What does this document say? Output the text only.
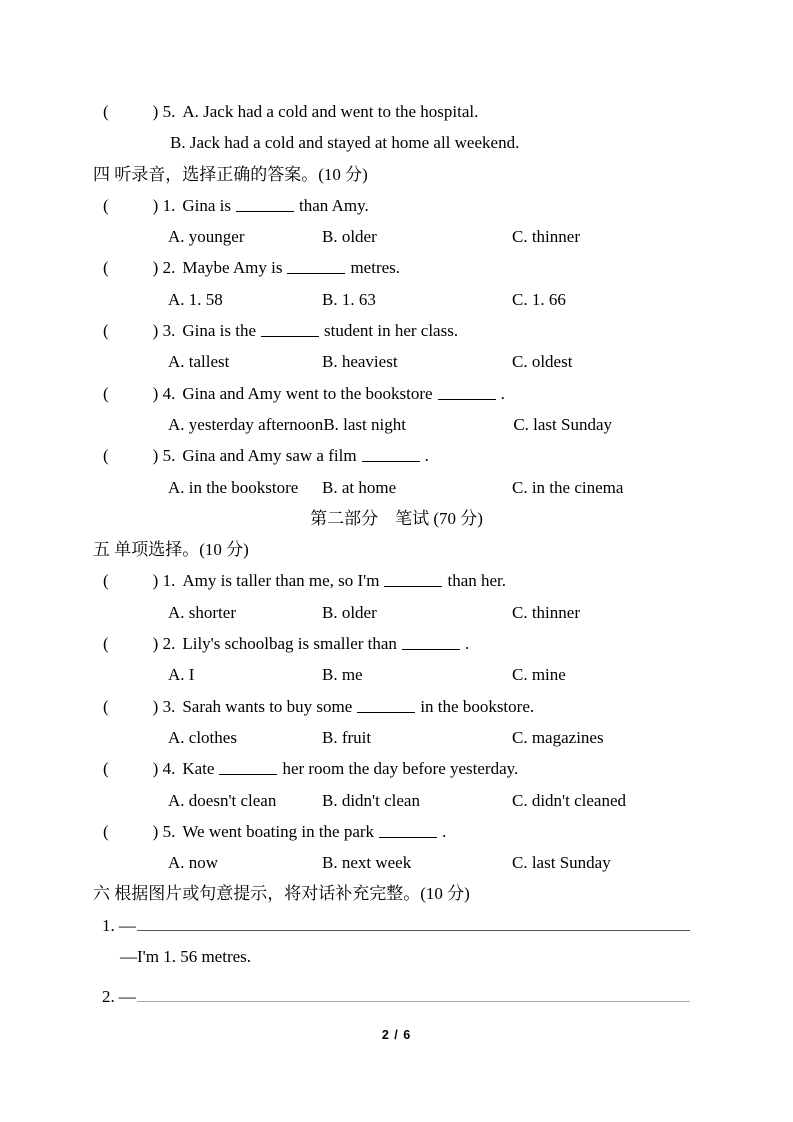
(	) 5. A. Jack had a cold and went to the hospital.
B. Jack had a cold and stayed at home all weekend.
四 听录音，选择正确的答案。(10 分)
(	) 1. Gina is	than Amy.
A. younger	B. older	C. thinner
(	) 2. Maybe Amy is	metres.
A. 1. 58	B. 1. 63	C. 1. 66
(	) 3. Gina is the	student in her class.
A. tallest	B. heaviest	C. oldest
(	) 4. Gina and Amy went to the bookstore	.
A. yesterday afternoonB. last night	C. last Sunday
(	) 5. Gina and Amy saw a film	.
A. in the bookstore B. at home	C. in the cinema
第二部分　笔试 (70 分)
五 单项选择。(10 分)
(	) 1. Amy is taller than me, so I'm	than her.
A. shorter	B. older	C. thinner
(	) 2. Lily's schoolbag is smaller than	.
A. I	B. me	C. mine
(	) 3. Sarah wants to buy some	in the bookstore.
A. clothes	B. fruit	C. magazines
(	) 4. Kate	her room the day before yesterday.
A. doesn't clean	B. didn't clean	C. didn't cleaned
(	) 5. We went boating in the park	.
A. now	B. next week	C. last Sunday
六 根据图片或句意提示，将对话补充完整。(10 分)
1. —
—I'm 1. 56 metres.
2. —
2 / 6
